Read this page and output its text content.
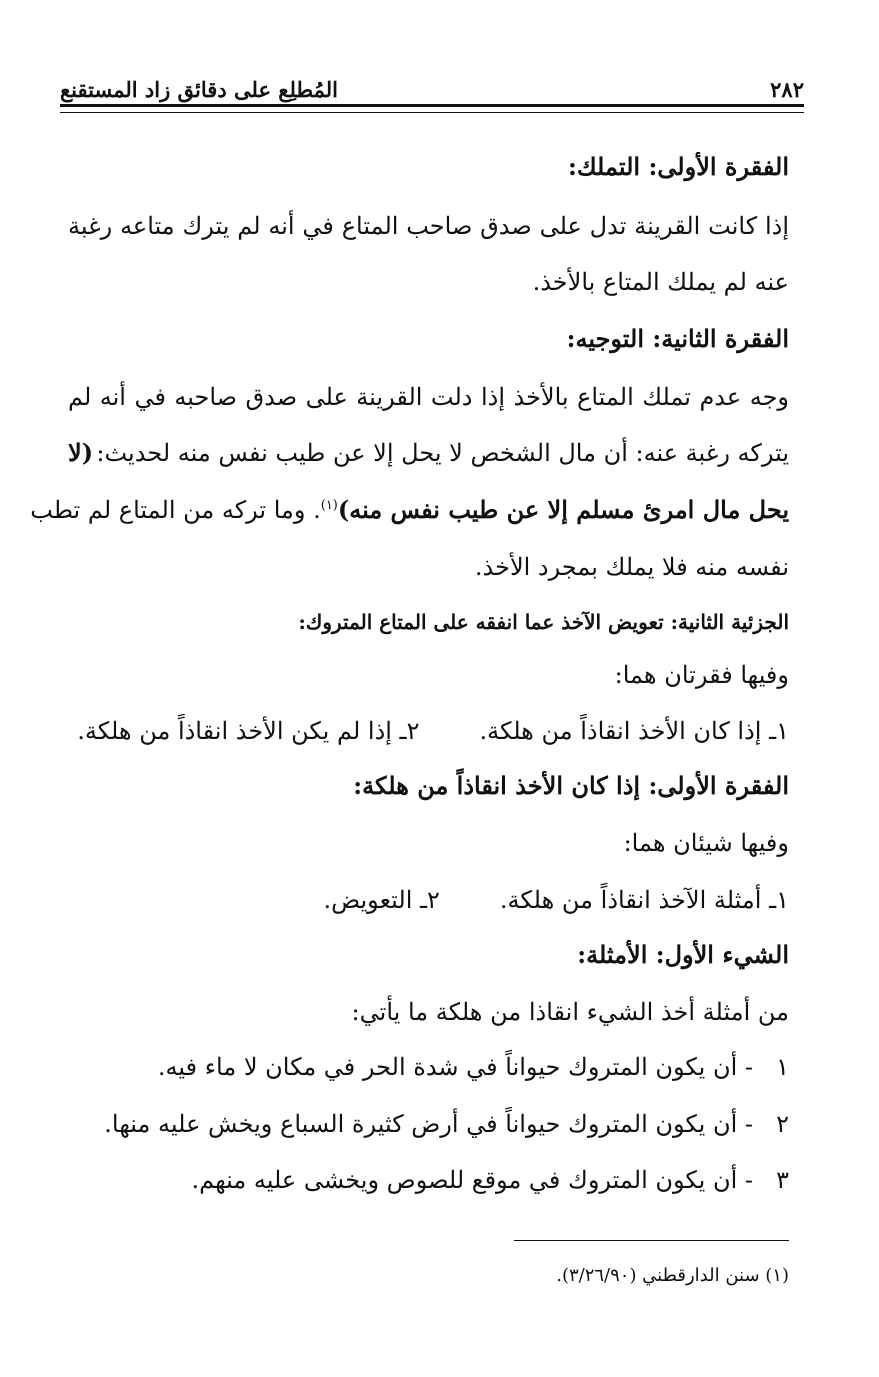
٢٨٢
المُطلِع على دقائق زاد المستقنع
الفقرة الأولى: التملك:
إذا كانت القرينة تدل على صدق صاحب المتاع في أنه لم يترك متاعه رغبة
عنه لم يملك المتاع بالأخذ.
الفقرة الثانية: التوجيه:
وجه عدم تملك المتاع بالأخذ إذا دلت القرينة على صدق صاحبه في أنه لم
يتركه رغبة عنه: أن مال الشخص لا يحل إلا عن طيب نفس منه لحديث:
(لا
يحل مال امرئ مسلم إلا عن طيب نفس منه)$^{(١)}$
. وما تركه من المتاع لم تطب
نفسه منه فلا يملك بمجرد الأخذ.
الجزئية الثانية: تعويض الآخذ عما انفقه على المتاع المتروك:
وفيها فقرتان هما:
١ـ إذا كان الأخذ انقاذاً من هلكة.٢ـ إذا لم يكن الأخذ انقاذاً من هلكة.
الفقرة الأولى: إذا كان الأخذ انقاذاً من هلكة:
وفيها شيئان هما:
١ـ أمثلة الآخذ انقاذاً من هلكة.٢ـ التعويض.
الشيء الأول: الأمثلة:
من أمثلة أخذ الشيء انقاذا من هلكة ما يأتي:
١- أن يكون المتروك حيواناً في شدة الحر في مكان لا ماء فيه.
٢- أن يكون المتروك حيواناً في أرض كثيرة السباع ويخش عليه منها.
٣- أن يكون المتروك في موقع للصوص ويخشى عليه منهم.
(١) سنن الدارقطني (٣/٢٦/٩٠).
